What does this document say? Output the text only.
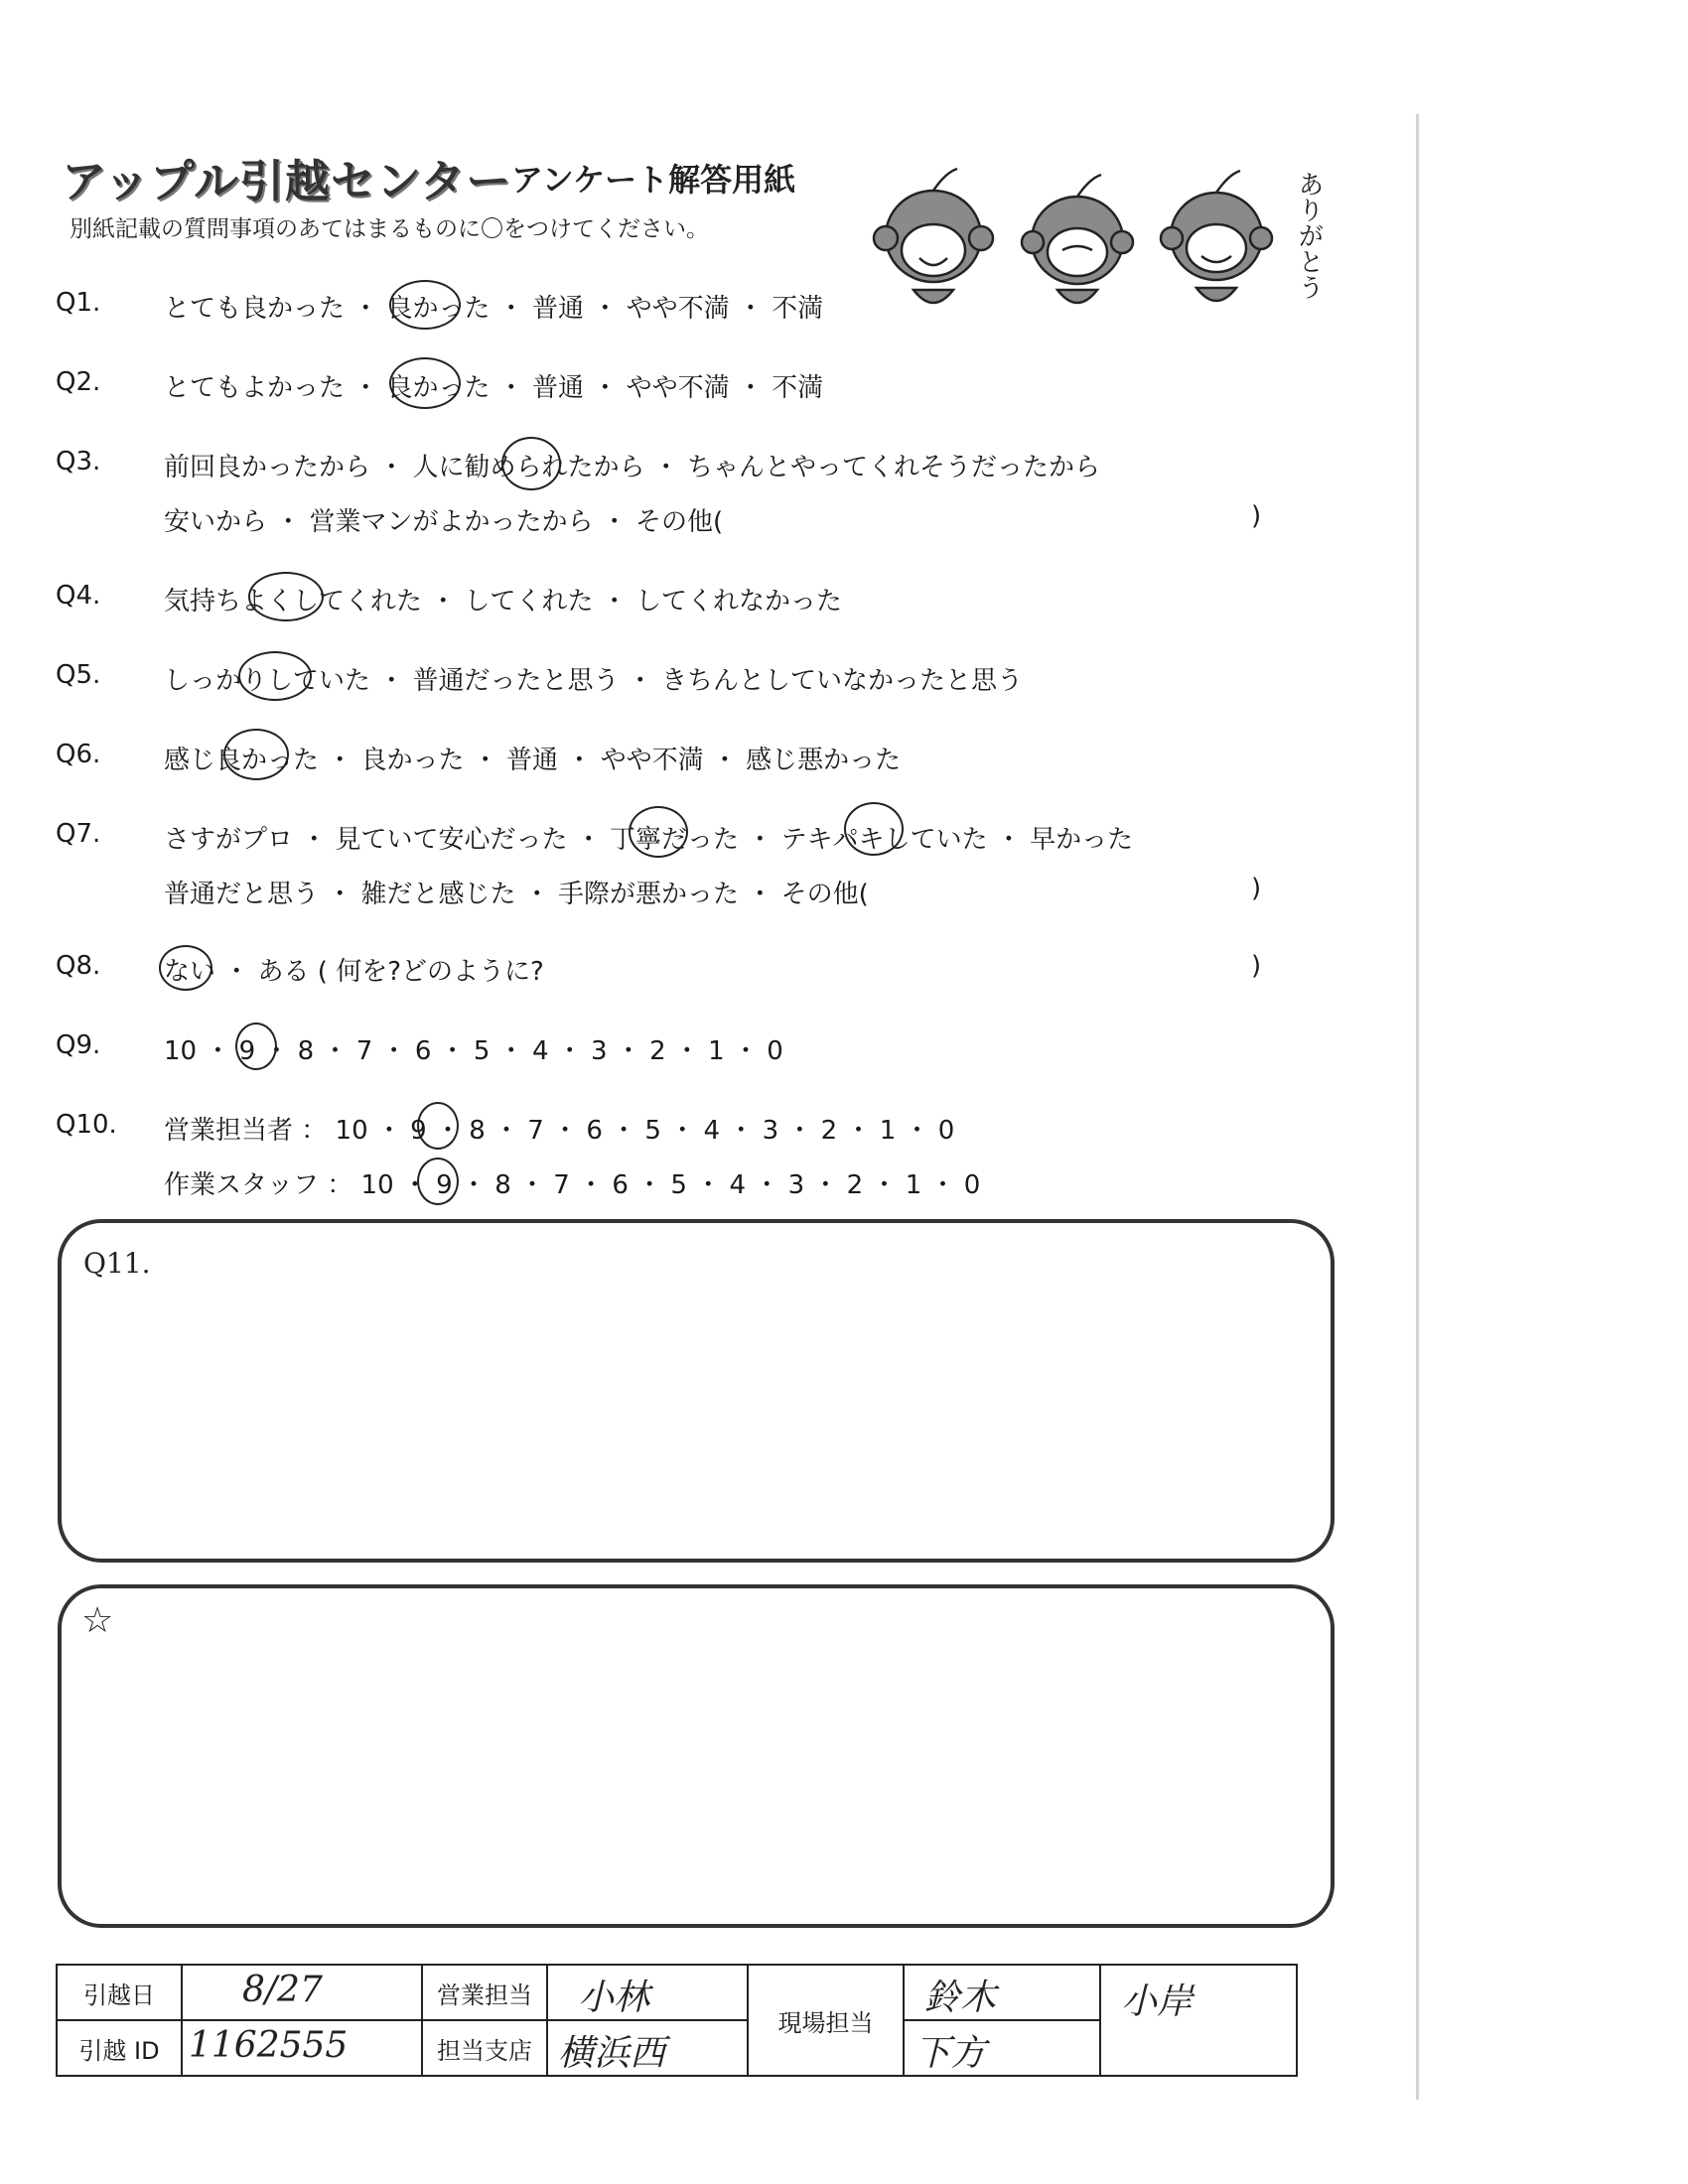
アップル引越センター アンケート解答用紙
別紙記載の質問事項のあてはまるものに〇をつけてください。	ありがとう
Q1. とても良かった ・ 良かった ・ 普通 ・ やや不満 ・ 不満
Q2. とてもよかった ・ 良かった ・ 普通 ・ やや不満 ・ 不満
Q3. 前回良かったから ・ 人に勧められたから ・ ちゃんとやってくれそうだったから
安いから ・ 営業マンがよかったから ・ その他(	)
Q4. 気持ちよくしてくれた ・ してくれた ・ してくれなかった
Q5. しっかりしていた ・ 普通だったと思う ・ きちんとしていなかったと思う
Q6. 感じ良かった ・ 良かった ・ 普通 ・ やや不満 ・ 感じ悪かった
Q7. さすがプロ ・ 見ていて安心だった ・ 丁寧だった ・ テキパキしていた ・ 早かった
普通だと思う ・ 雑だと感じた ・ 手際が悪かった ・ その他(	)
Q8. ない ・ ある ( 何を?どのように?	)
Q9. 10 ・ 9 ・ 8 ・ 7 ・ 6 ・ 5 ・ 4 ・ 3 ・ 2 ・ 1 ・ 0
Q10. 営業担当者 ： 10 ・ 9 ・ 8 ・ 7 ・ 6 ・ 5 ・ 4 ・ 3 ・ 2 ・ 1 ・ 0
作業スタッフ ： 10 ・ 9 ・ 8 ・ 7 ・ 6 ・ 5 ・ 4 ・ 3 ・ 2 ・ 1 ・ 0
Q11.
☆
引越日	8/27	営業担当	小林	現場担当	鈴木	小岸

引越 ID	1162555	担当支店	横浜西		下方	
